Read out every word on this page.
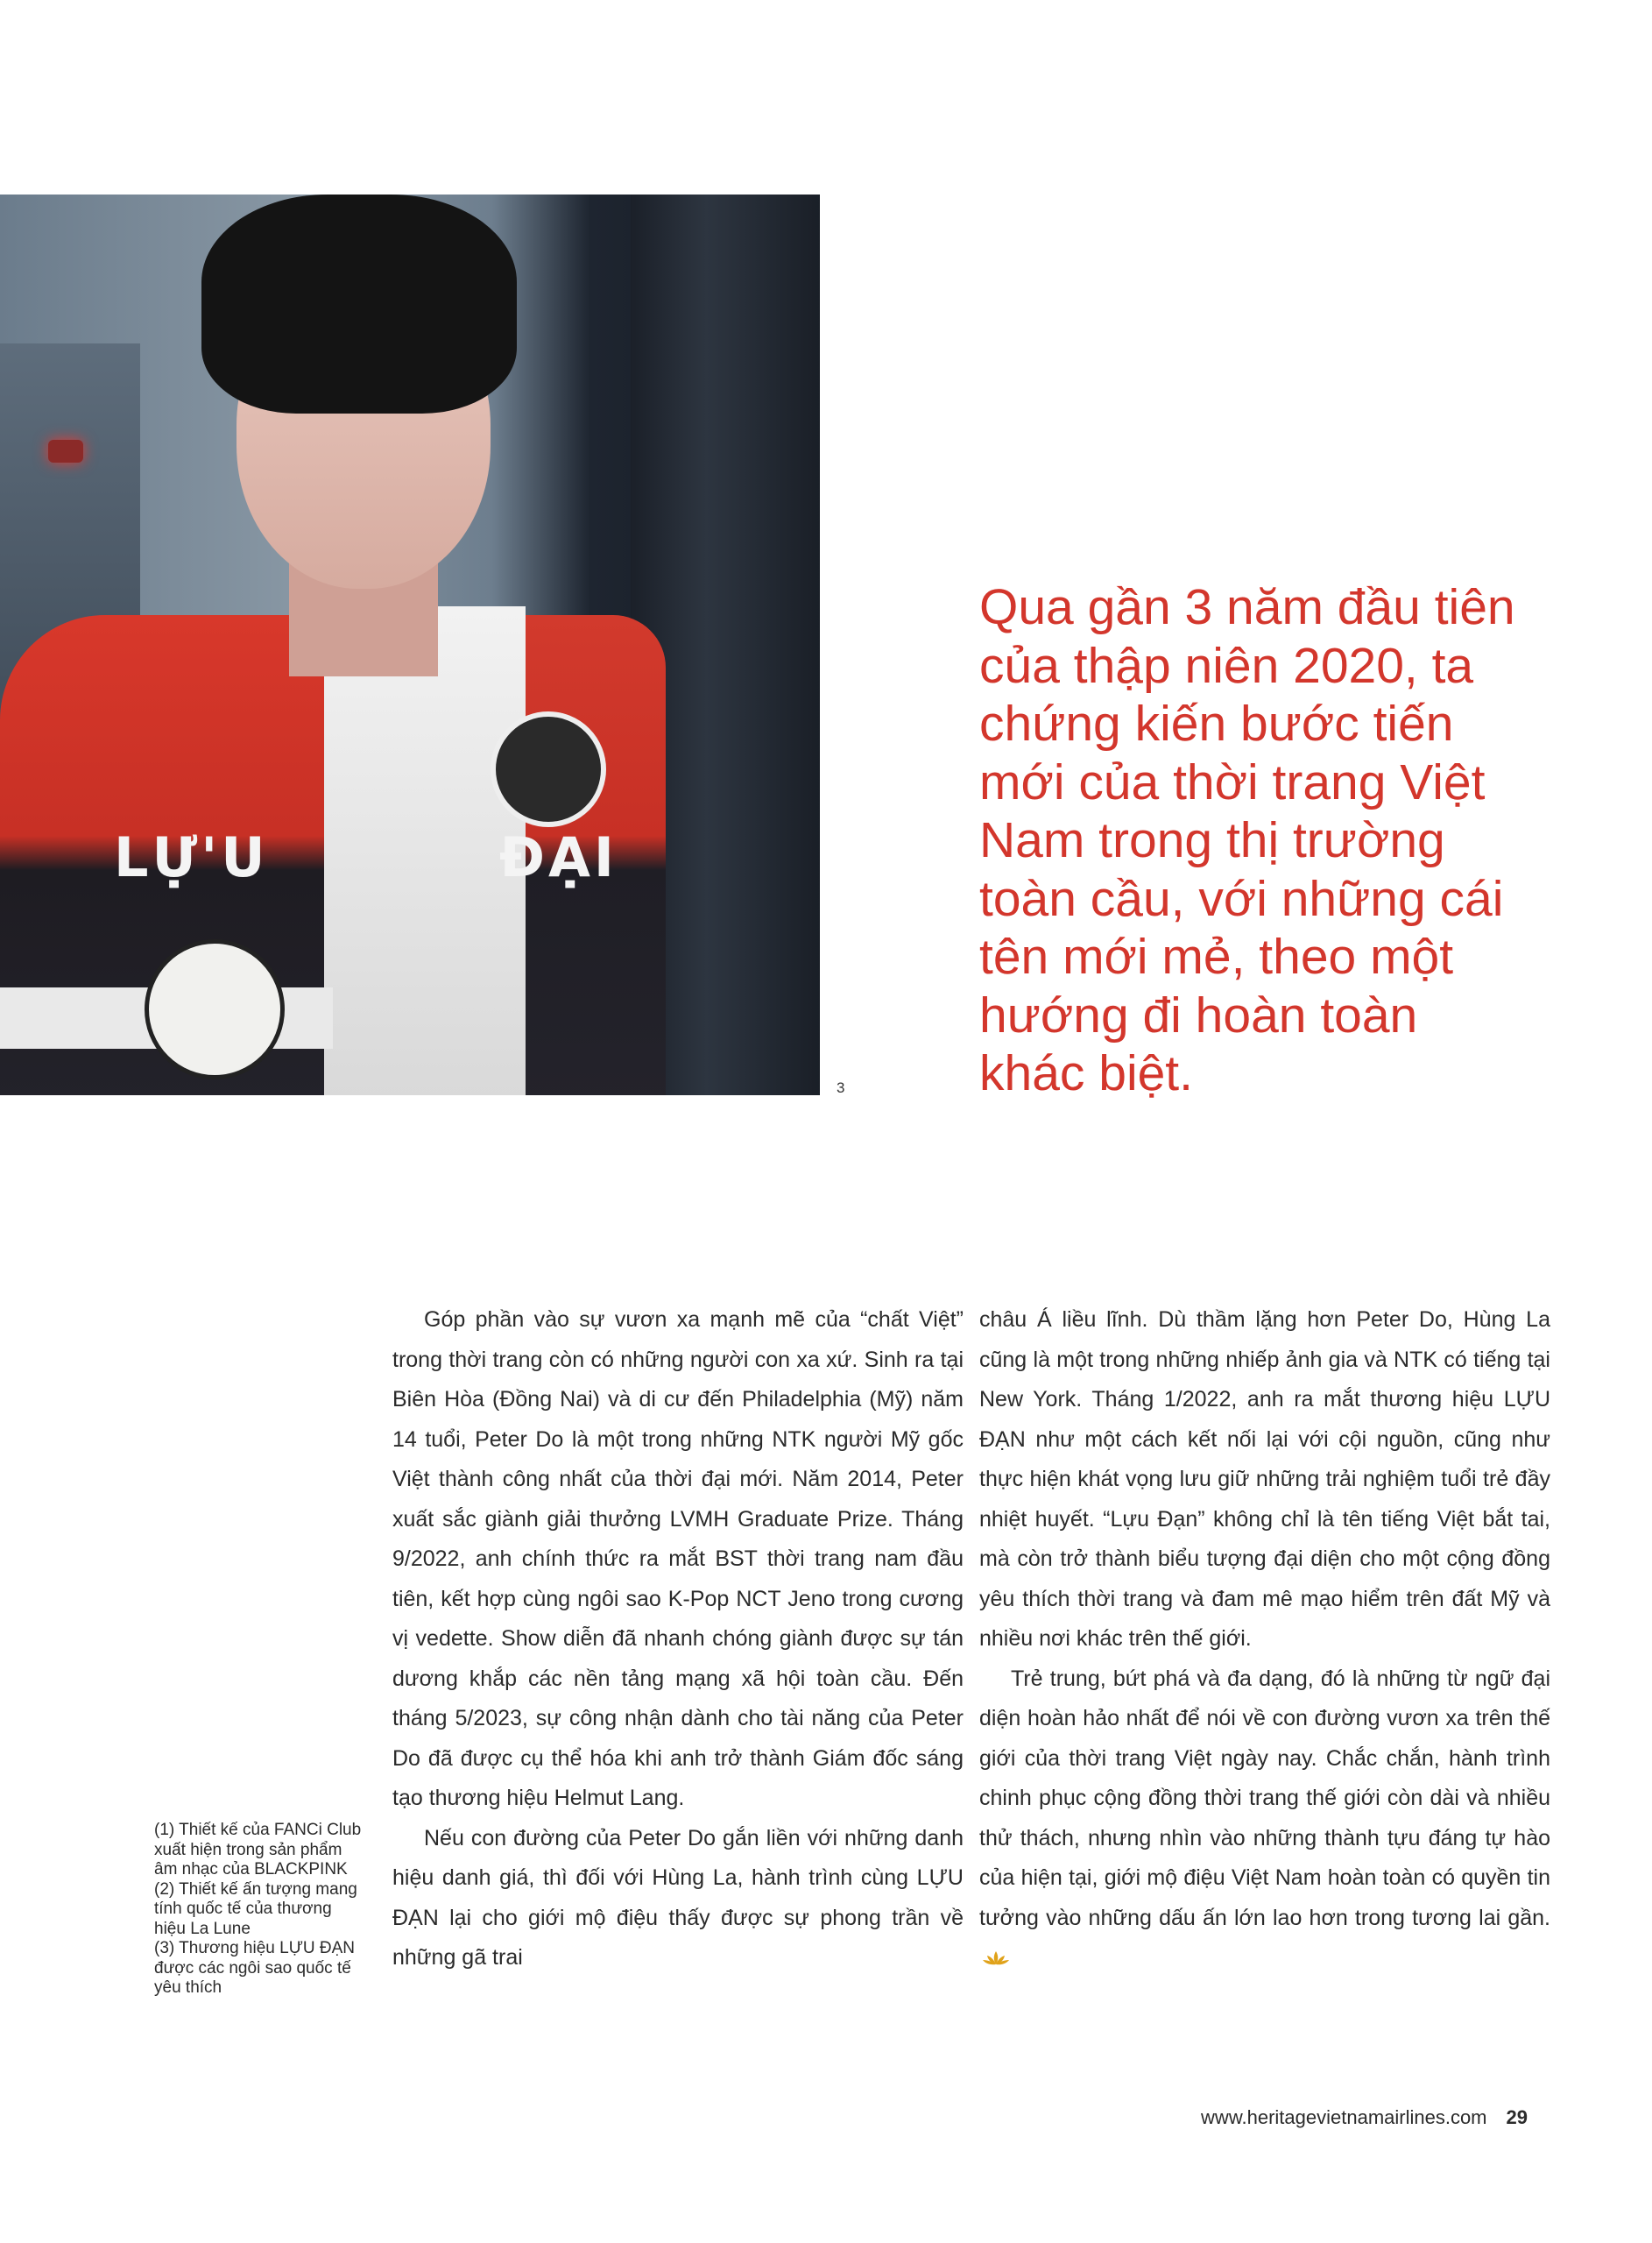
LỰ'U	ĐẠI
3

Qua gần 3 năm đầu tiên của thập niên 2020, ta chứng kiến bước tiến mới của thời trang Việt Nam trong thị trường toàn cầu, với những cái tên mới mẻ, theo một hướng đi hoàn toàn khác biệt.

(1) Thiết kế của FANCi Club xuất hiện trong sản phẩm âm nhạc của BLACKPINK

(2) Thiết kế ấn tượng mang tính quốc tế của thương hiệu La Lune

(3) Thương hiệu LỰU ĐẠN được các ngôi sao quốc tế yêu thích

Góp phần vào sự vươn xa mạnh mẽ của “chất Việt” trong thời trang còn có những người con xa xứ. Sinh ra tại Biên Hòa (Đồng Nai) và di cư đến Philadelphia (Mỹ) năm 14 tuổi, Peter Do là một trong những NTK người Mỹ gốc Việt thành công nhất của thời đại mới. Năm 2014, Peter xuất sắc giành giải thưởng LVMH Graduate Prize. Tháng 9/2022, anh chính thức ra mắt BST thời trang nam đầu tiên, kết hợp cùng ngôi sao K-Pop NCT Jeno trong cương vị vedette. Show diễn đã nhanh chóng giành được sự tán dương khắp các nền tảng mạng xã hội toàn cầu. Đến tháng 5/2023, sự công nhận dành cho tài năng của Peter Do đã được cụ thể hóa khi anh trở thành Giám đốc sáng tạo thương hiệu Helmut Lang.

Nếu con đường của Peter Do gắn liền với những danh hiệu danh giá, thì đối với Hùng La, hành trình cùng LỰU ĐẠN lại cho giới mộ điệu thấy được sự phong trần về những gã trai

châu Á liều lĩnh. Dù thầm lặng hơn Peter Do, Hùng La cũng là một trong những nhiếp ảnh gia và NTK có tiếng tại New York. Tháng 1/2022, anh ra mắt thương hiệu LỰU ĐẠN như một cách kết nối lại với cội nguồn, cũng như thực hiện khát vọng lưu giữ những trải nghiệm tuổi trẻ đầy nhiệt huyết. “Lựu Đạn” không chỉ là tên tiếng Việt bắt tai, mà còn trở thành biểu tượng đại diện cho một cộng đồng yêu thích thời trang và đam mê mạo hiểm trên đất Mỹ và nhiều nơi khác trên thế giới.

Trẻ trung, bứt phá và đa dạng, đó là những từ ngữ đại diện hoàn hảo nhất để nói về con đường vươn xa trên thế giới của thời trang Việt ngày nay. Chắc chắn, hành trình chinh phục cộng đồng thời trang thế giới còn dài và nhiều thử thách, nhưng nhìn vào những thành tựu đáng tự hào của hiện tại, giới mộ điệu Việt Nam hoàn toàn có quyền tin tưởng vào những dấu ấn lớn lao hơn trong tương lai gần.

www.heritagevietnamairlines.com 29
